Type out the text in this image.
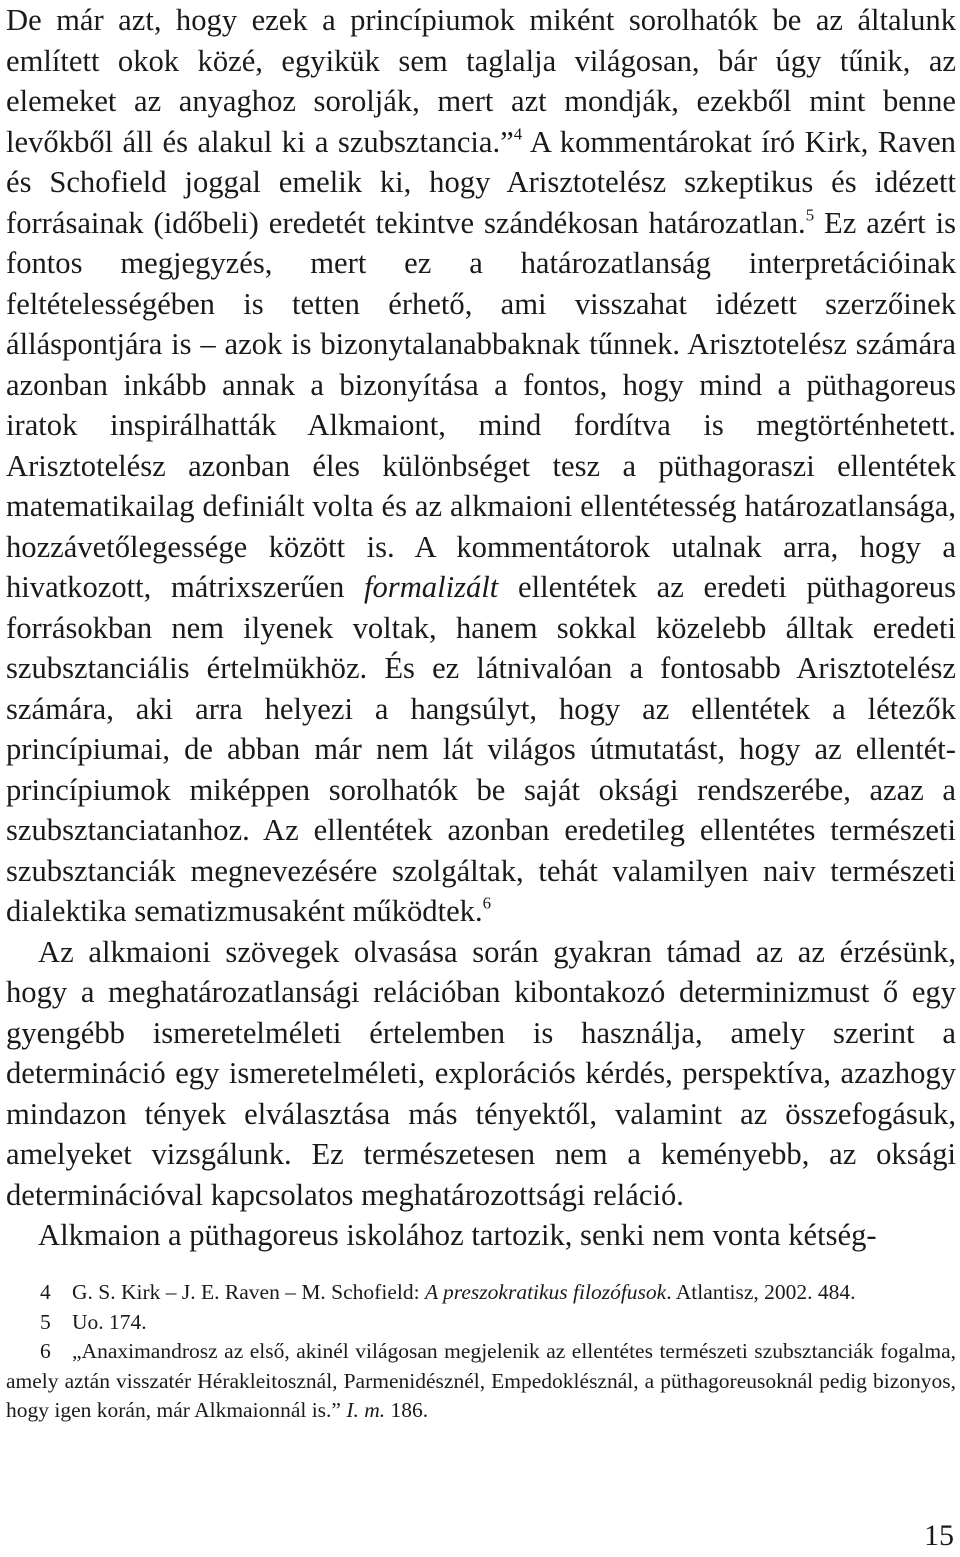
De már azt, hogy ezek a princípiumok miként sorolhatók be az általunk említett okok közé, egyikük sem taglalja világosan, bár úgy tűnik, az elemeket az anyaghoz sorolják, mert azt mondják, ezekből mint benne levőkből áll és alakul ki a szubsztancia.”$^4$ A kommentárokat író Kirk, Raven és Schofield joggal emelik ki, hogy Arisztotelész szkeptikus és idézett forrásainak (időbeli) eredetét tekintve szándékosan határozatlan.$^5$ Ez azért is fontos megjegyzés, mert ez a határozatlanság interpretációinak feltételességében is tetten érhető, ami visszahat idézett szerzőinek álláspontjára is – azok is bizonytalanabbaknak tűnnek. Arisztotelész számára azonban inkább annak a bizonyítása a fontos, hogy mind a püthagoreus iratok inspirálhatták Alkmaiont, mind fordítva is megtörténhetett. Arisztotelész azonban éles különbséget tesz a püthagoraszi ellentétek matematikailag definiált volta és az alkmaioni ellentétesség határozatlansága, hozzávetőlegessége között is. A kommentátorok utalnak arra, hogy a hivatkozott, mátrixszerűen formalizált ellentétek az eredeti püthagoreus forrásokban nem ilyenek voltak, hanem sokkal közelebb álltak eredeti szubsztanciális értelmükhöz. És ez látnivalóan a fontosabb Arisztotelész számára, aki arra helyezi a hangsúlyt, hogy az ellentétek a létezők princípiumai, de abban már nem lát világos útmutatást, hogy az ellentét-princípiumok miképpen sorolhatók be saját oksági rendszerébe, azaz a szubsztanciatanhoz. Az ellentétek azonban eredetileg ellentétes természeti szubsztanciák megnevezésére szolgáltak, tehát valamilyen naiv természeti dialektika sematizmusaként működtek.$^6$

Az alkmaioni szövegek olvasása során gyakran támad az az érzésünk, hogy a meghatározatlansági relációban kibontakozó determinizmust ő egy gyengébb ismeretelméleti értelemben is használja, amely szerint a determináció egy ismeretelméleti, explorációs kérdés, perspektíva, azazhogy mindazon tények elválasztása más tényektől, valamint az összefogásuk, amelyeket vizsgálunk. Ez természetesen nem a keményebb, az oksági determinációval kapcsolatos meghatározottsági reláció.

Alkmaion a püthagoreus iskolához tartozik, senki nem vonta kétség-

4 G. S. Kirk – J. E. Raven – M. Schofield: A preszokratikus filozófusok. Atlantisz, 2002. 484.

5 Uo. 174.

6 „Anaximandrosz az első, akinél világosan megjelenik az ellentétes természeti szubsztanciák fogalma, amely aztán visszatér Hérakleitosznál, Parmenidésznél, Empedoklésznál, a püthagoreusoknál pedig bizonyos, hogy igen korán, már Alkmaionnál is.” I. m. 186.

15
